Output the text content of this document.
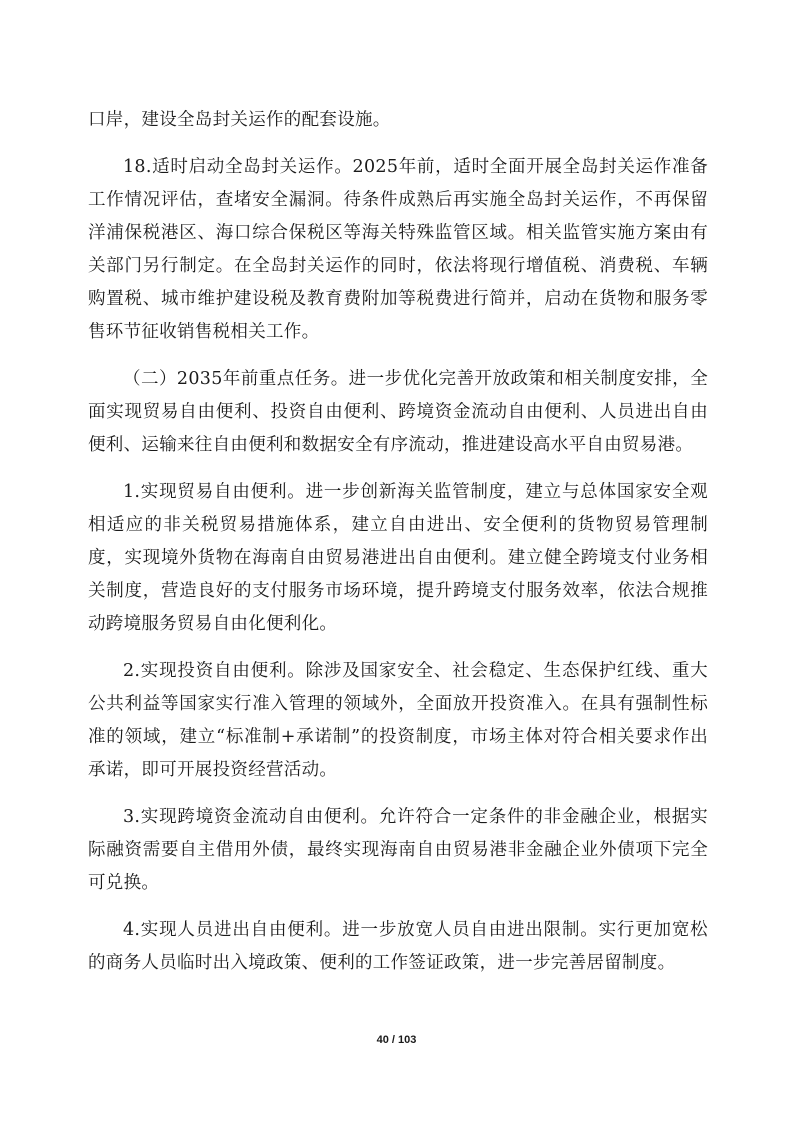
口岸，建设全岛封关运作的配套设施。

18.适时启动全岛封关运作。2025年前，适时全面开展全岛封关运作准备工作情况评估，查堵安全漏洞。待条件成熟后再实施全岛封关运作，不再保留洋浦保税港区、海口综合保税区等海关特殊监管区域。相关监管实施方案由有关部门另行制定。在全岛封关运作的同时，依法将现行增值税、消费税、车辆购置税、城市维护建设税及教育费附加等税费进行简并，启动在货物和服务零售环节征收销售税相关工作。

（二）2035年前重点任务。进一步优化完善开放政策和相关制度安排，全面实现贸易自由便利、投资自由便利、跨境资金流动自由便利、人员进出自由便利、运输来往自由便利和数据安全有序流动，推进建设高水平自由贸易港。

1.实现贸易自由便利。进一步创新海关监管制度，建立与总体国家安全观相适应的非关税贸易措施体系，建立自由进出、安全便利的货物贸易管理制度，实现境外货物在海南自由贸易港进出自由便利。建立健全跨境支付业务相关制度，营造良好的支付服务市场环境，提升跨境支付服务效率，依法合规推动跨境服务贸易自由化便利化。

2.实现投资自由便利。除涉及国家安全、社会稳定、生态保护红线、重大公共利益等国家实行准入管理的领域外，全面放开投资准入。在具有强制性标准的领域，建立“标准制+承诺制”的投资制度，市场主体对符合相关要求作出承诺，即可开展投资经营活动。

3.实现跨境资金流动自由便利。允许符合一定条件的非金融企业，根据实际融资需要自主借用外债，最终实现海南自由贸易港非金融企业外债项下完全可兑换。

4.实现人员进出自由便利。进一步放宽人员自由进出限制。实行更加宽松的商务人员临时出入境政策、便利的工作签证政策，进一步完善居留制度。

40 / 103
